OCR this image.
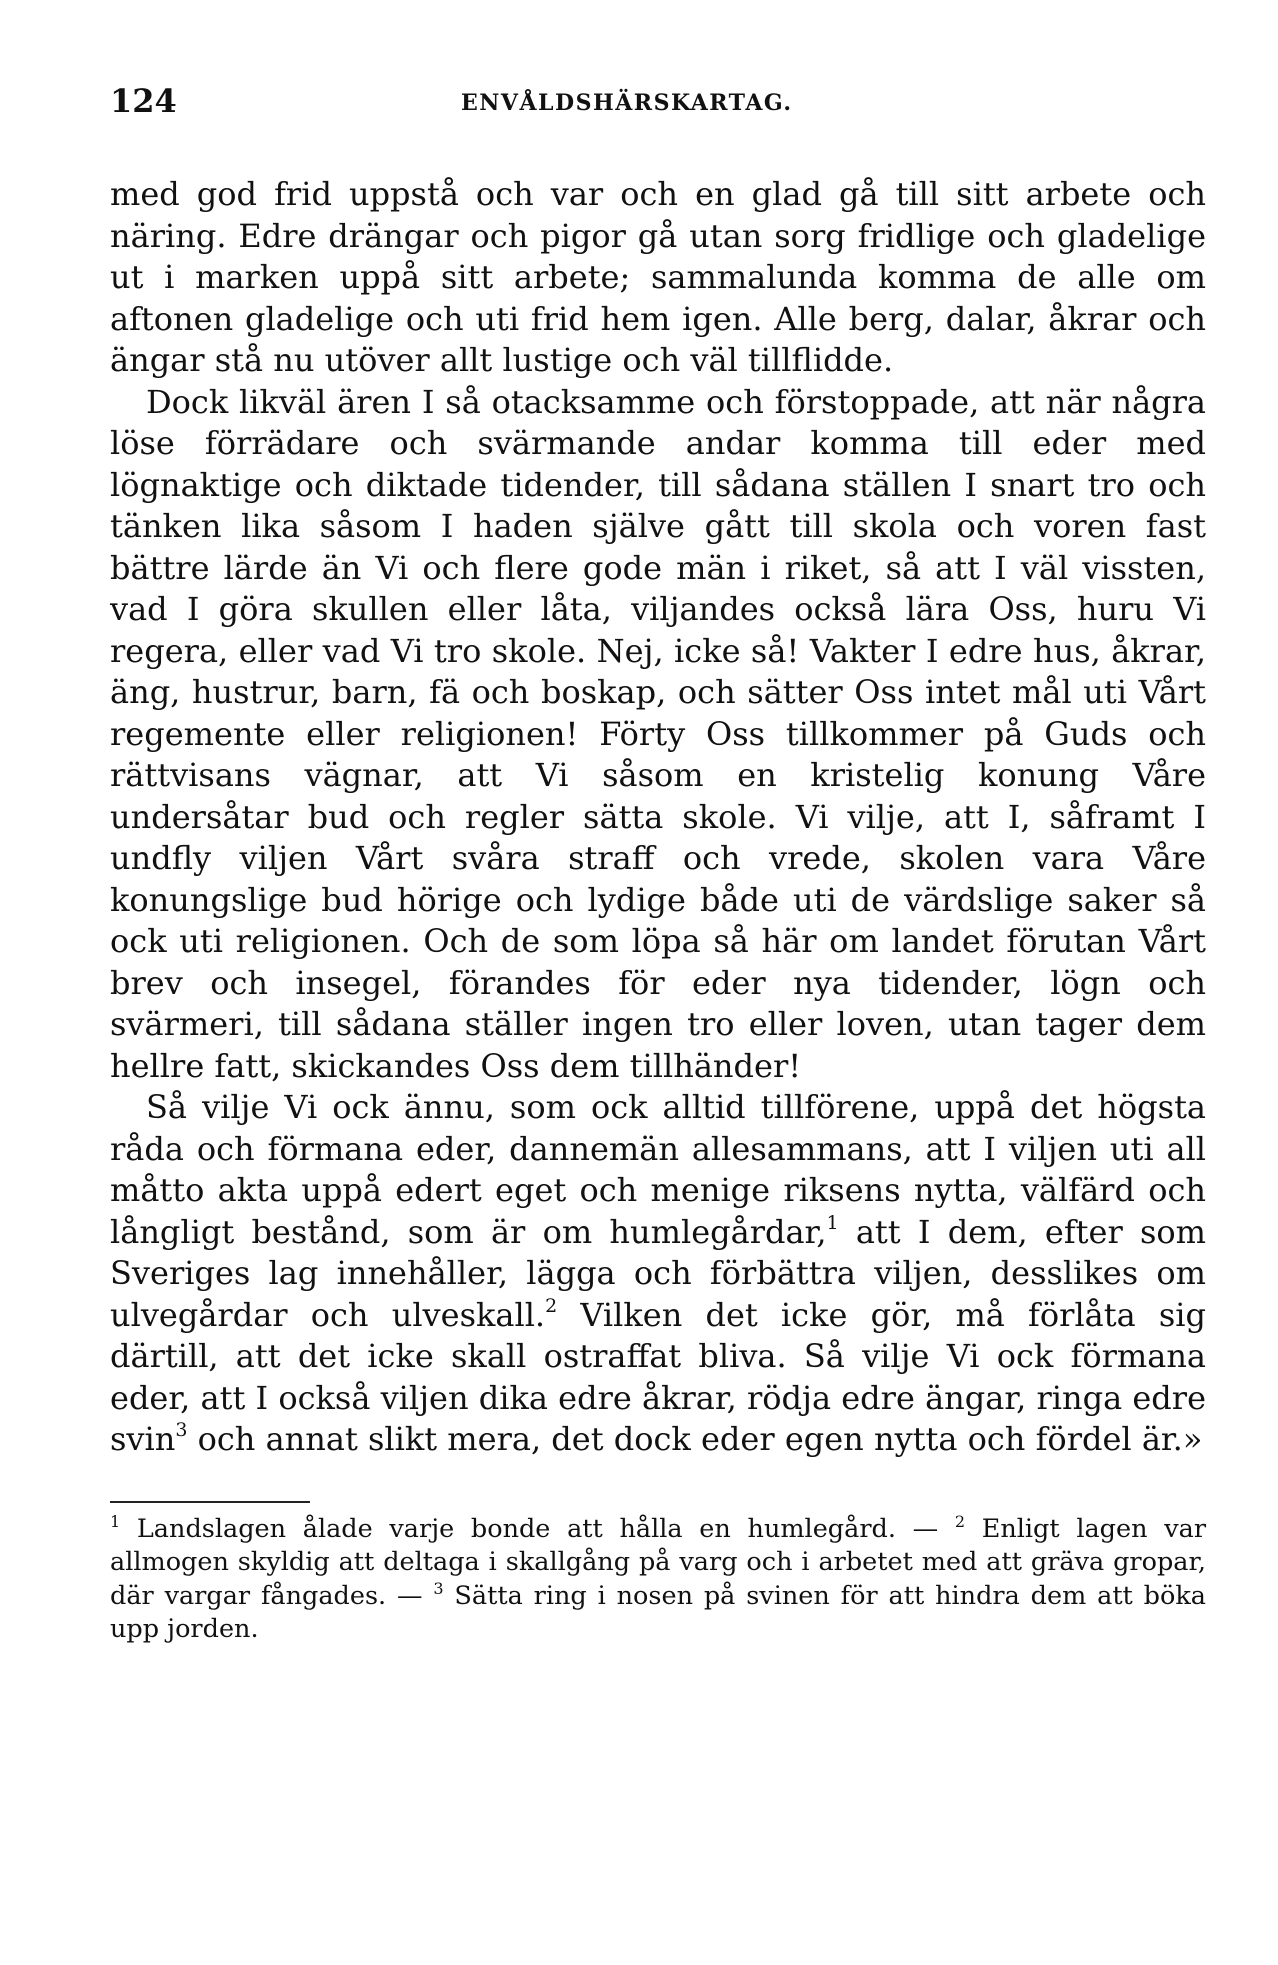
124	ENVÅLDSHÄRSKARTAG.

med god frid uppstå och var och en glad gå till sitt arbete och näring. Edre drängar och pigor gå utan sorg fridlige och gladelige ut i marken uppå sitt arbete; sammalunda komma de alle om aftonen gladelige och uti frid hem igen. Alle berg, dalar, åkrar och ängar stå nu utöver allt lustige och väl tillflidde.

Dock likväl ären I så otacksamme och förstoppade, att när några löse förrädare och svärmande andar komma till eder med lögnaktige och diktade tidender, till sådana ställen I snart tro och tänken lika såsom I haden själve gått till skola och voren fast bättre lärde än Vi och flere gode män i riket, så att I väl vissten, vad I göra skullen eller låta, viljandes också lära Oss, huru Vi regera, eller vad Vi tro skole. Nej, icke så! Vakter I edre hus, åkrar, äng, hustrur, barn, fä och boskap, och sätter Oss intet mål uti Vårt regemente eller religionen! Förty Oss tillkommer på Guds och rättvisans vägnar, att Vi såsom en kristelig konung Våre undersåtar bud och regler sätta skole. Vi vilje, att I, såframt I undfly viljen Vårt svåra straff och vrede, skolen vara Våre konungslige bud hörige och lydige både uti de värdslige saker så ock uti religionen. Och de som löpa så här om landet förutan Vårt brev och insegel, förandes för eder nya tidender, lögn och svärmeri, till sådana ställer ingen tro eller loven, utan tager dem hellre fatt, skickandes Oss dem tillhänder!

Så vilje Vi ock ännu, som ock alltid tillförene, uppå det högsta råda och förmana eder, dannemän allesammans, att I viljen uti all måtto akta uppå edert eget och menige riksens nytta, välfärd och långligt bestånd, som är om humlegårdar,$^1$ att I dem, efter som Sveriges lag innehåller, lägga och förbättra viljen, desslikes om ulvegårdar och ulveskall.$^2$ Vilken det icke gör, må förlåta sig därtill, att det icke skall ostraffat bliva. Så vilje Vi ock förmana eder, att I också viljen dika edre åkrar, rödja edre ängar, ringa edre svin$^3$ och annat slikt mera, det dock eder egen nytta och fördel är.»

$^1$ Landslagen ålade varje bonde att hålla en humlegård. — $^2$ Enligt lagen var allmogen skyldig att deltaga i skallgång på varg och i arbetet med att gräva gropar, där vargar fångades. — $^3$ Sätta ring i nosen på svinen för att hindra dem att böka upp jorden.
